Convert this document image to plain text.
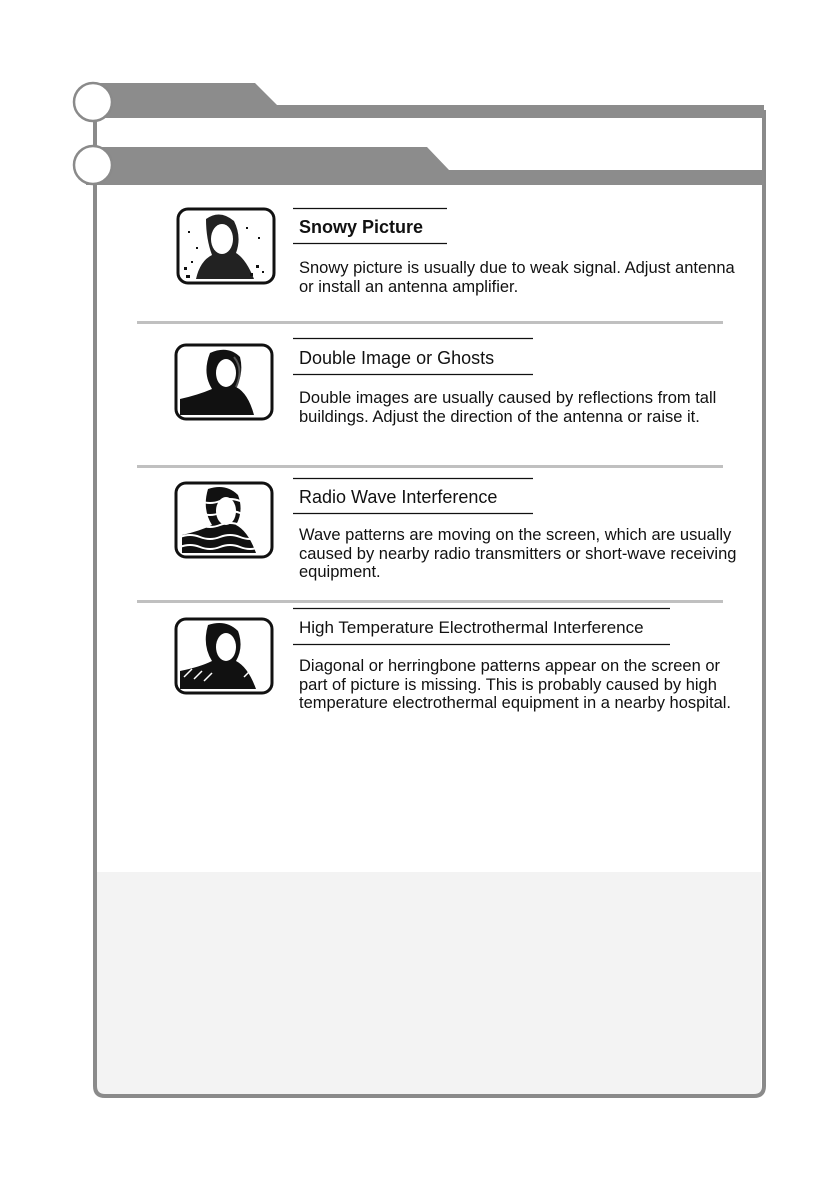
Snowy Picture
Snowy picture is usually due to weak signal. Adjust antenna or install an antenna amplifier.
Double Image or Ghosts
Double images are usually caused by reflections from tall buildings. Adjust the direction of the antenna or raise it.
Radio Wave Interference
Wave patterns are moving on the screen, which are usually caused by nearby radio transmitters or short-wave receiving equipment.
High Temperature Electrothermal Interference
Diagonal or herringbone patterns appear on the screen or part of picture is missing. This is probably caused by high temperature electrothermal equipment in a nearby hospital.
